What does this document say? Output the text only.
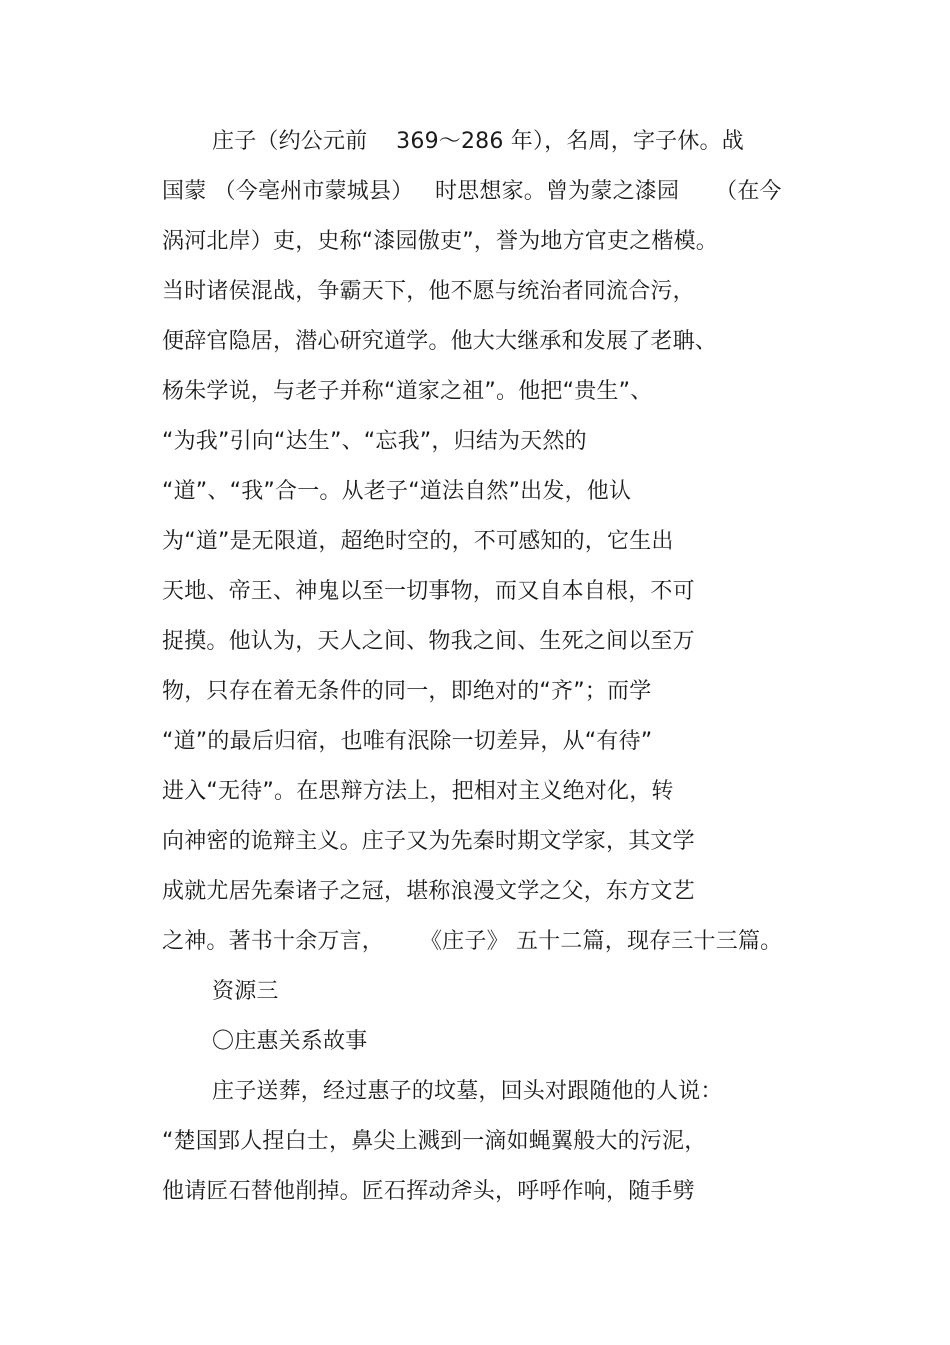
庄子（约公元前    369～286 年），名周，字子休。战
国蒙 （今亳州市蒙城县）   时思想家。曾为蒙之漆园     （在今
涡河北岸）吏，史称“漆园傲吏”，誉为地方官吏之楷模。
当时诸侯混战，争霸天下，他不愿与统治者同流合污，
便辞官隐居，潜心研究道学。他大大继承和发展了老聃、
杨朱学说，与老子并称“道家之祖”。他把“贵生”、
“为我”引向“达生”、“忘我”，归结为天然的
“道”、“我”合一。从老子“道法自然”出发，他认
为“道”是无限道，超绝时空的，不可感知的，它生出
天地、帝王、神鬼以至一切事物，而又自本自根，不可
捉摸。他认为，天人之间、物我之间、生死之间以至万
物，只存在着无条件的同一，即绝对的“齐”；而学
“道”的最后归宿，也唯有泯除一切差异，从“有待”
进入“无待”。在思辩方法上，把相对主义绝对化，转
向神密的诡辩主义。庄子又为先秦时期文学家，其文学
成就尤居先秦诸子之冠，堪称浪漫文学之父，东方文艺
之神。著书十余万言，     《庄子》 五十二篇，现存三十三篇。
资源三
〇庄惠关系故事
庄子送葬，经过惠子的坟墓，回头对跟随他的人说：
“楚国郢人捏白士，鼻尖上溅到一滴如蝇翼般大的污泥，
他请匠石替他削掉。匠石挥动斧头，呼呼作响，随手劈
